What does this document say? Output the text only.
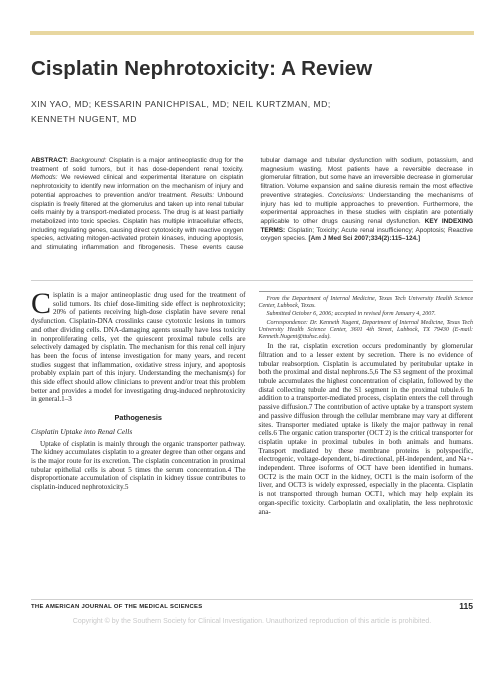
Cisplatin Nephrotoxicity: A Review
XIN YAO, MD; KESSARIN PANICHPISAL, MD; NEIL KURTZMAN, MD;
KENNETH NUGENT, MD
ABSTRACT: Background: Cisplatin is a major antineoplastic drug for the treatment of solid tumors, but it has dose-dependent renal toxicity. Methods: We reviewed clinical and experimental literature on cisplatin nephrotoxicity to identify new information on the mechanism of injury and potential approaches to prevention and/or treatment. Results: Unbound cisplatin is freely filtered at the glomerulus and taken up into renal tubular cells mainly by a transport-mediated process. The drug is at least partially metabolized into toxic species. Cisplatin has multiple intracellular effects, including regulating genes, causing direct cytotoxicity with reactive oxygen species, activating mitogen-activated protein kinases, inducing apoptosis, and stimulating inflammation and fibrogenesis. These events cause tubular damage and tubular dysfunction with sodium, potassium, and magnesium wasting. Most patients have a reversible decrease in glomerular filtration, but some have an irreversible decrease in glomerular filtration. Volume expansion and saline diuresis remain the most effective preventive strategies. Conclusions: Understanding the mechanisms of injury has led to multiple approaches to prevention. Furthermore, the experimental approaches in these studies with cisplatin are potentially applicable to other drugs causing renal dysfunction. KEY INDEXING TERMS: Cisplatin; Toxicity; Acute renal insufficiency; Apoptosis; Reactive oxygen species. [Am J Med Sci 2007;334(2):115–124.]

Cisplatin is a major antineoplastic drug used for the treatment of solid tumors. Its chief dose-limiting side effect is nephrotoxicity; 20% of patients receiving high-dose cisplatin have severe renal dysfunction. Cisplatin-DNA crosslinks cause cytotoxic lesions in tumors and other dividing cells. DNA-damaging agents usually have less toxicity in nonproliferating cells, yet the quiescent proximal tubule cells are selectively damaged by cisplatin. The mechanism for this renal cell injury has been the focus of intense investigation for many years, and recent studies suggest that inflammation, oxidative stress injury, and apoptosis probably explain part of this injury. Understanding the mechanism(s) for this side effect should allow clinicians to prevent and/or treat this problem better and provides a model for investigating drug-induced nephrotoxicity in general.1–3

Pathogenesis
Cisplatin Uptake into Renal Cells

Uptake of cisplatin is mainly through the organic transporter pathway. The kidney accumulates cisplatin to a greater degree than other organs and is the major route for its excretion. The cisplatin concentration in proximal tubular epithelial cells is about 5 times the serum concentration.4 The disproportionate accumulation of cisplatin in kidney tissue contributes to cisplatin-induced nephrotoxicity.5

From the Department of Internal Medicine, Texas Tech University Health Science Center, Lubbock, Texas.
Submitted October 6, 2006; accepted in revised form January 4, 2007.
Correspondence: Dr. Kenneth Nugent, Department of Internal Medicine, Texas Tech University Health Science Center, 3601 4th Street, Lubbock, TX 79430 (E-mail: Kenneth.Nugent@ttuhsc.edu).

In the rat, cisplatin excretion occurs predominantly by glomerular filtration and to a lesser extent by secretion. There is no evidence of tubular reabsorption. Cisplatin is accumulated by peritubular uptake in both the proximal and distal nephrons.5,6 The S3 segment of the proximal tubule accumulates the highest concentration of cisplatin, followed by the distal collecting tubule and the S1 segment in the proximal tubule.6 In addition to a transporter-mediated process, cisplatin enters the cell through passive diffusion.7 The contribution of active uptake by a transport system and passive diffusion through the cellular membrane may vary at different sites. Transporter mediated uptake is likely the major pathway in renal cells.6 The organic cation transporter (OCT 2) is the critical transporter for cisplatin uptake in proximal tubules in both animals and humans. Transport mediated by these membrane proteins is polyspecific, electrogenic, voltage-dependent, bi-directional, pH-independent, and Na+-independent. Three isoforms of OCT have been identified in humans. OCT2 is the main OCT in the kidney, OCT1 is the main isoform of the liver, and OCT3 is widely expressed, especially in the placenta. Cisplatin is not transported through human OCT1, which may help explain its organ-specific toxicity. Carboplatin and oxaliplatin, the less nephrotoxic ana-

THE AMERICAN JOURNAL OF THE MEDICAL SCIENCES	115
Copyright © by the Southern Society for Clinical Investigation. Unauthorized reproduction of this article is prohibited.
